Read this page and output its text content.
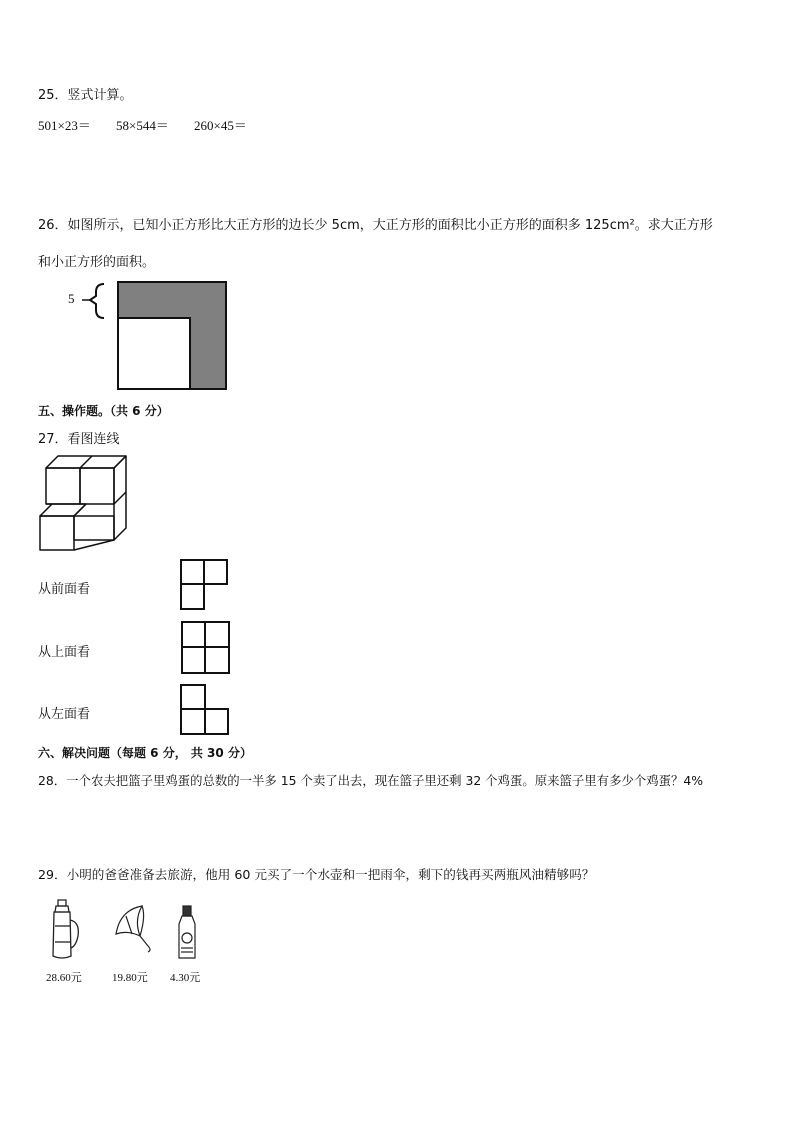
25．竖式计算。
501×23＝ 58×544＝ 260×45＝
26．如图所示，已知小正方形比大正方形的边长少 5cm，大正方形的面积比小正方形的面积多 125cm²。求大正方形
和小正方形的面积。
5
五、操作题。（共 6 分）
27．看图连线
从前面看
从上面看
从左面看
六、解决问题（每题 6 分， 共 30 分）
28．一个农夫把篮子里鸡蛋的总数的一半多 15 个卖了出去，现在篮子里还剩 32 个鸡蛋。原来篮子里有多少个鸡蛋？4%
29．小明的爸爸准备去旅游，他用 60 元买了一个水壶和一把雨伞，剩下的钱再买两瓶风油精够吗？
28.60元	19.80元 4.30元
